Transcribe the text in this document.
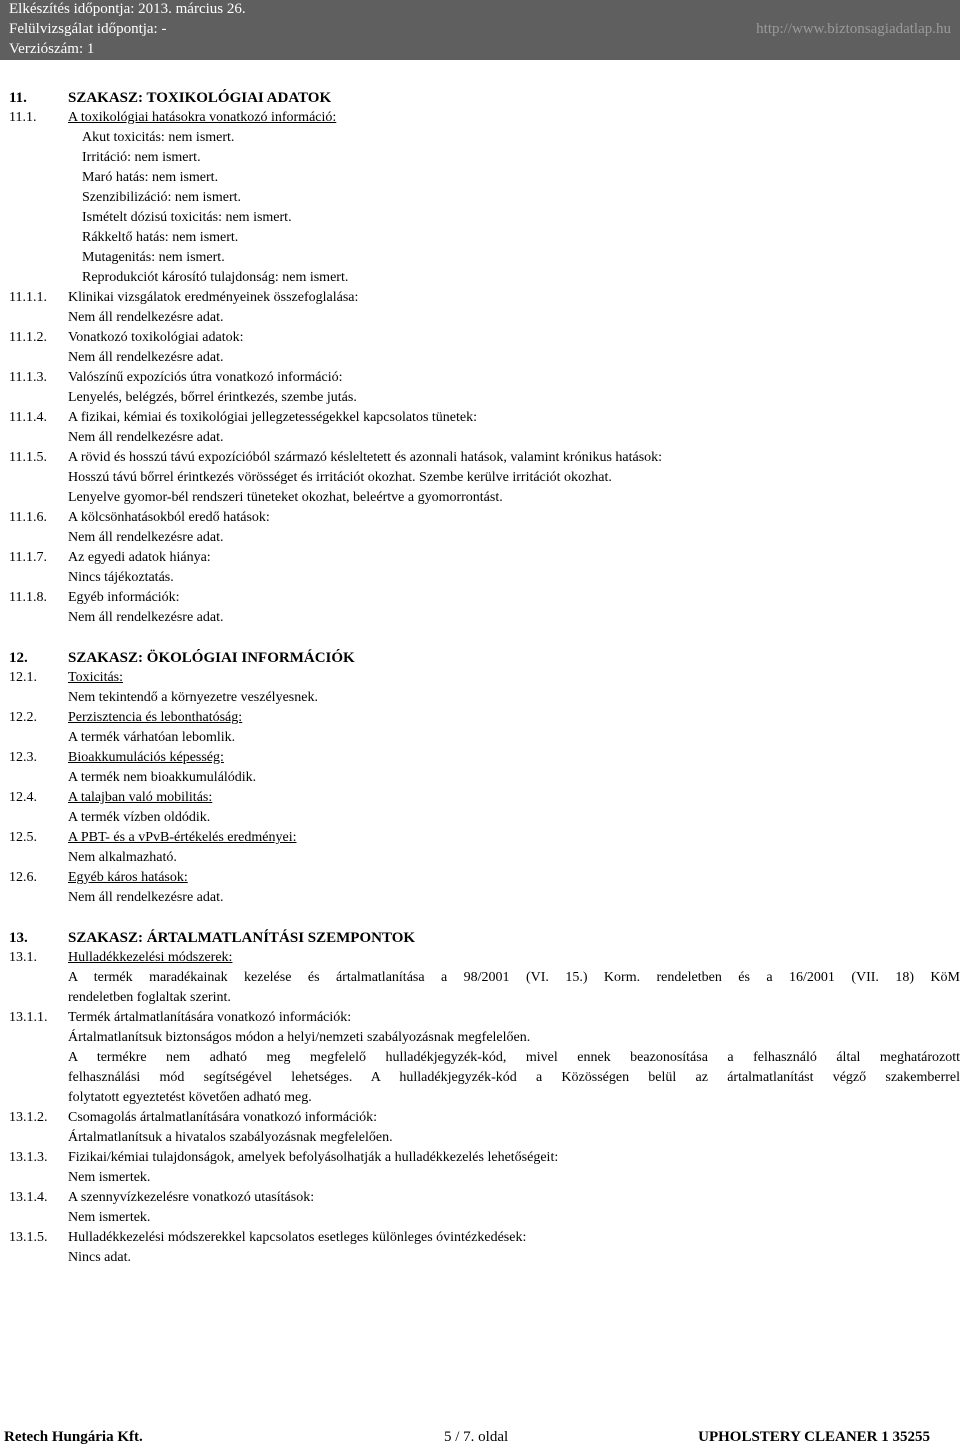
Elkészítés időpontja: 2013. március 26.
Felülvizsgálat időpontja: -
Verziószám: 1
http://www.biztonsagiadatlap.hu
11.	SZAKASZ: TOXIKOLÓGIAI ADATOK
11.1. A toxikológiai hatásokra vonatkozó információ:
Akut toxicitás: nem ismert.
Irritáció: nem ismert.
Maró hatás: nem ismert.
Szenzibilizáció: nem ismert.
Ismételt dózisú toxicitás: nem ismert.
Rákkeltő hatás: nem ismert.
Mutagenitás: nem ismert.
Reprodukciót károsító tulajdonság: nem ismert.
11.1.1. Klinikai vizsgálatok eredményeinek összefoglalása:
Nem áll rendelkezésre adat.
11.1.2. Vonatkozó toxikológiai adatok:
Nem áll rendelkezésre adat.
11.1.3. Valószínű expozíciós útra vonatkozó információ:
Lenyelés, belégzés, bőrrel érintkezés, szembe jutás.
11.1.4. A fizikai, kémiai és toxikológiai jellegzetességekkel kapcsolatos tünetek:
Nem áll rendelkezésre adat.
11.1.5. A rövid és hosszú távú expozícióból származó késleltetett és azonnali hatások, valamint krónikus hatások:
Hosszú távú bőrrel érintkezés vörösséget és irritációt okozhat. Szembe kerülve irritációt okozhat.
Lenyelve gyomor-bél rendszeri tüneteket okozhat, beleértve a gyomorrontást.
11.1.6. A kölcsönhatásokból eredő hatások:
Nem áll rendelkezésre adat.
11.1.7. Az egyedi adatok hiánya:
Nincs tájékoztatás.
11.1.8. Egyéb információk:
Nem áll rendelkezésre adat.
12.	SZAKASZ: ÖKOLÓGIAI INFORMÁCIÓK
12.1. Toxicitás:
Nem tekintendő a környezetre veszélyesnek.
12.2. Perzisztencia és lebonthatóság:
A termék várhatóan lebomlik.
12.3. Bioakkumulációs képesség:
A termék nem bioakkumulálódik.
12.4. A talajban való mobilitás:
A termék vízben oldódik.
12.5. A PBT- és a vPvB-értékelés eredményei:
Nem alkalmazható.
12.6. Egyéb káros hatások:
Nem áll rendelkezésre adat.
13.	SZAKASZ: ÁRTALMATLANÍTÁSI SZEMPONTOK
13.1. Hulladékkezelési módszerek:
A termék maradékainak kezelése és ártalmatlanítása a 98/2001 (VI. 15.) Korm. rendeletben és a 16/2001 (VII. 18) KöM
rendeletben foglaltak szerint.
13.1.1. Termék ártalmatlanítására vonatkozó információk:
Ártalmatlanítsuk biztonságos módon a helyi/nemzeti szabályozásnak megfelelően.
A termékre nem adható meg megfelelő hulladékjegyzék-kód, mivel ennek beazonosítása a felhasználó által meghatározott
felhasználási mód segítségével lehetséges. A hulladékjegyzék-kód a Közösségen belül az ártalmatlanítást végző szakemberrel
folytatott egyeztetést követően adható meg.
13.1.2. Csomagolás ártalmatlanítására vonatkozó információk:
Ártalmatlanítsuk a hivatalos szabályozásnak megfelelően.
13.1.3. Fizikai/kémiai tulajdonságok, amelyek befolyásolhatják a hulladékkezelés lehetőségeit:
Nem ismertek.
13.1.4. A szennyvízkezelésre vonatkozó utasítások:
Nem ismertek.
13.1.5. Hulladékkezelési módszerekkel kapcsolatos esetleges különleges óvintézkedések:
Nincs adat.
Retech Hungária Kft.	5 / 7. oldal	UPHOLSTERY CLEANER 1 35255
